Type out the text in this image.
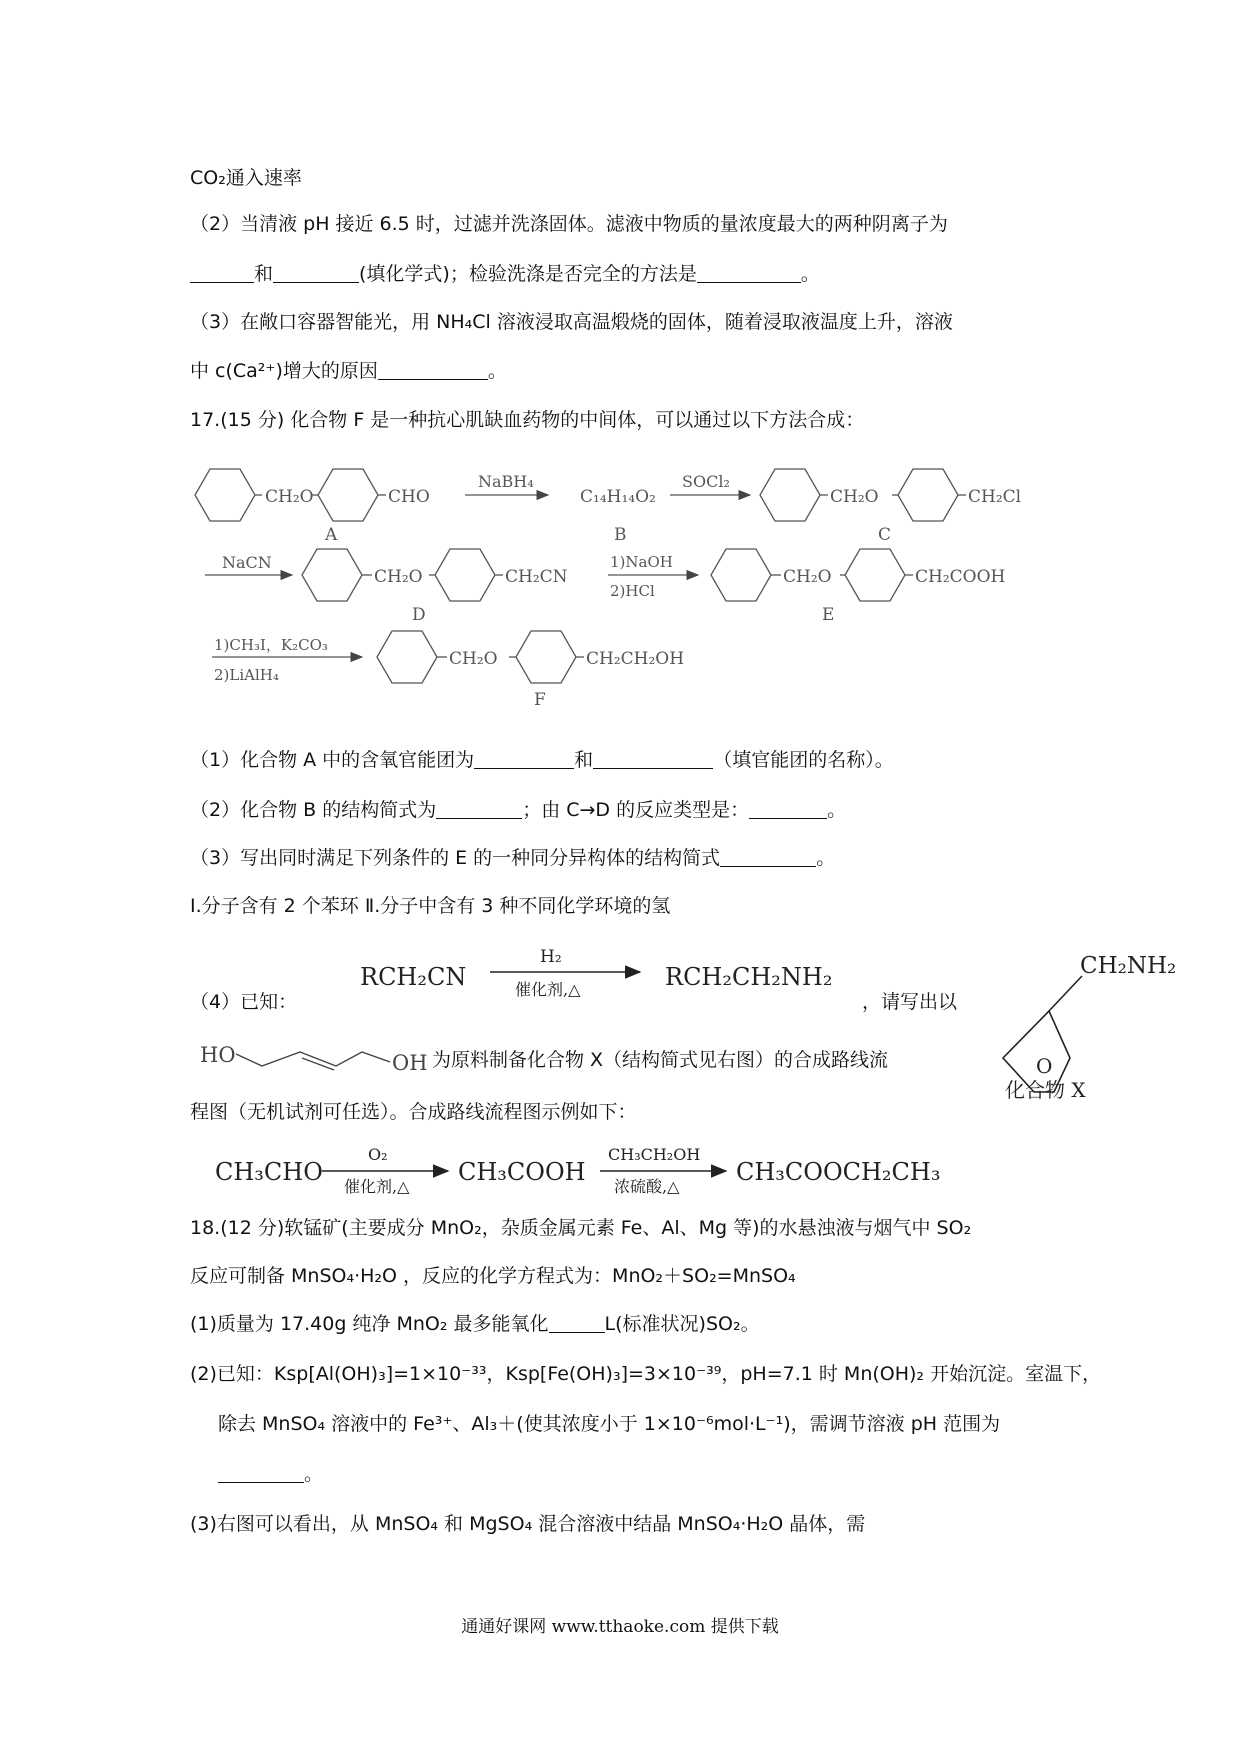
CO₂通入速率
（2）当清液 pH 接近 6.5 时，过滤并洗涤固体。滤液中物质的量浓度最大的两种阴离子为
和	(填化学式)；检验洗涤是否完全的方法是	。
（3）在敞口容器智能光，用 NH₄Cl 溶液浸取高温煅烧的固体，随着浸取液温度上升，溶液
中 c(Ca²⁺)增大的原因	。
17.(15 分) 化合物 F 是一种抗心肌缺血药物的中间体，可以通过以下方法合成：
CH₂O	CHO
A
NaBH₄
C₁₄H₁₄O₂
B
SOCl₂
CH₂O	CH₂Cl
C
NaCN
CH₂O	CH₂CN
D
1)NaOH
2)HCl
CH₂O	CH₂COOH
E
1)CH₃I，K₂CO₃
2)LiAlH₄
CH₂O	CH₂CH₂OH
F
（1）化合物 A 中的含氧官能团为	和	（填官能团的名称）。
（2）化合物 B 的结构简式为	；由 C→D 的反应类型是：	。
（3）写出同时满足下列条件的 E 的一种同分异构体的结构简式	。
Ⅰ.分子含有 2 个苯环 Ⅱ.分子中含有 3 种不同化学环境的氢
（4）已知：	，请写出以
RCH₂CN
H₂
催化剂,△	RCH₂CH₂NH₂
O
CH₂NH₂
化合物 X
HO	OH
CH₃CHO
O₂
催化剂,△
CH₃COOH
CH₃CH₂OH
浓硫酸,△
CH₃COOCH₂CH₃
为原料制备化合物 X（结构简式见右图）的合成路线流
程图（无机试剂可任选）。合成路线流程图示例如下：
18.(12 分)软锰矿(主要成分 MnO₂，杂质金属元素 Fe、Al、Mg 等)的水悬浊液与烟气中 SO₂
反应可制备 MnSO₄·H₂O ，反应的化学方程式为：MnO₂＋SO₂=MnSO₄
(1)质量为 17.40g 纯净 MnO₂ 最多能氧化	L(标准状况)SO₂。
(2)已知：Ksp[Al(OH)₃]=1×10⁻³³，Ksp[Fe(OH)₃]=3×10⁻³⁹，pH=7.1 时 Mn(OH)₂ 开始沉淀。室温下，
除去 MnSO₄ 溶液中的 Fe³⁺、Al₃＋(使其浓度小于 1×10⁻⁶mol·L⁻¹)，需调节溶液 pH 范围为
。
(3)右图可以看出，从 MnSO₄ 和 MgSO₄ 混合溶液中结晶 MnSO₄·H₂O 晶体，需
通通好课网 www.tthaoke.com 提供下载
